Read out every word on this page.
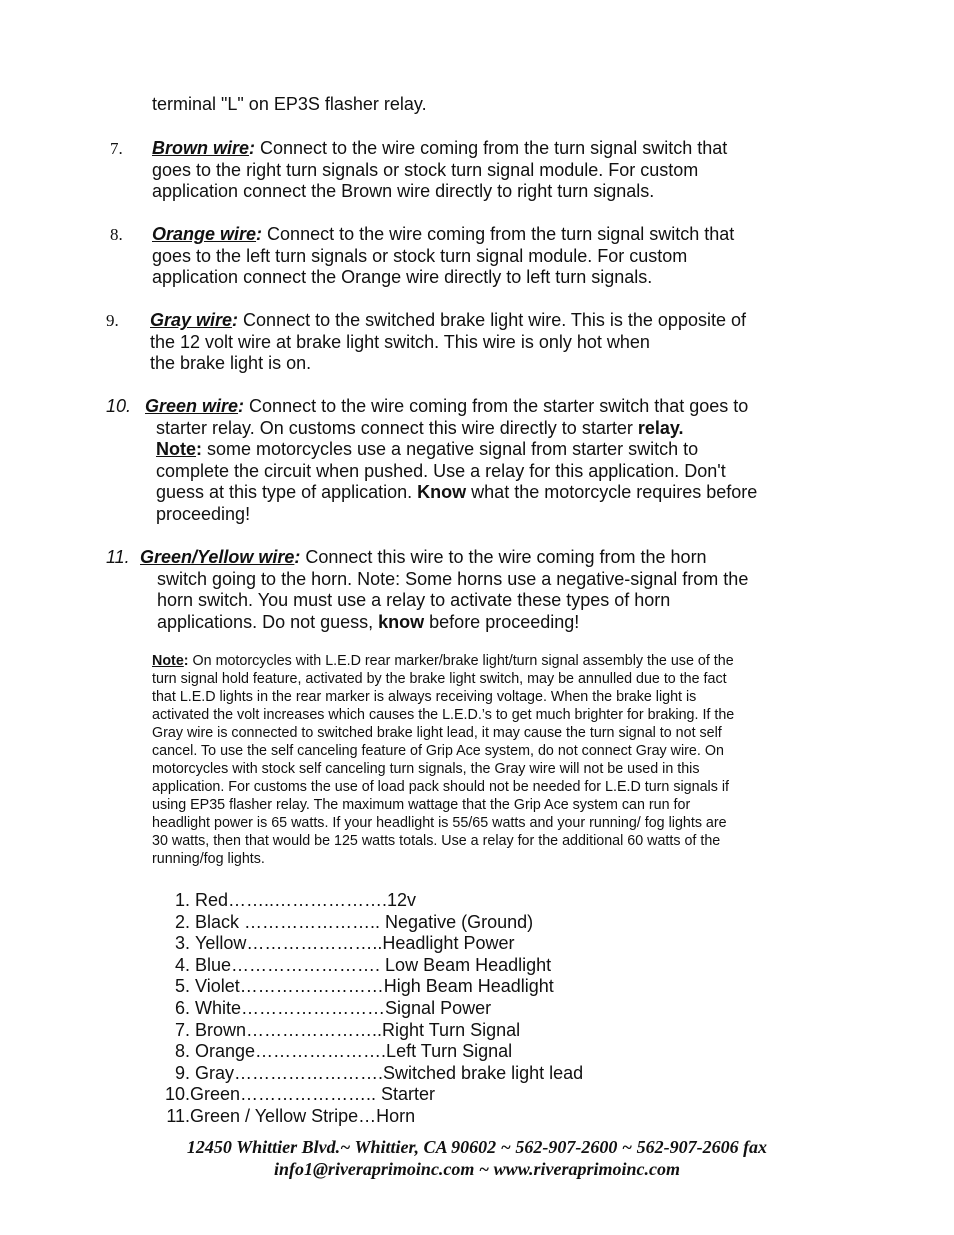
terminal "L" on EP3S flasher relay.
7. Brown wire: Connect to the wire coming from the turn signal switch that
goes to the right turn signals or stock turn signal module. For custom
application connect the Brown wire directly to right turn signals.
8. Orange wire: Connect to the wire coming from the turn signal switch that
goes to the left turn signals or stock turn signal module. For custom
application connect the Orange wire directly to left turn signals.
9. Gray wire: Connect to the switched brake light wire. This is the opposite of
the 12 volt wire at brake light switch. This wire is only hot when
the brake light is on.
10. Green wire: Connect to the wire coming from the starter switch that goes to
starter relay. On customs connect this wire directly to starter relay.
Note: some motorcycles use a negative signal from starter switch to
complete the circuit when pushed. Use a relay for this application. Don't
guess at this type of application. Know what the motorcycle requires before
proceeding!
11. Green/Yellow wire: Connect this wire to the wire coming from the horn
switch going to the horn. Note: Some horns use a negative-signal from the
horn switch. You must use a relay to activate these types of horn
applications. Do not guess, know before proceeding!
Note: On motorcycles with L.E.D rear marker/brake light/turn signal assembly the use of the
turn signal hold feature, activated by the brake light switch, may be annulled due to the fact
that L.E.D lights in the rear marker is always receiving voltage. When the brake light is
activated the volt increases which causes the L.E.D.’s to get much brighter for braking. If the
Gray wire is connected to switched brake light lead, it may cause the turn signal to not self
cancel. To use the self canceling feature of Grip Ace system, do not connect Gray wire. On
motorcycles with stock self canceling turn signals, the Gray wire will not be used in this
application. For customs the use of load pack should not be needed for L.E.D turn signals if
using EP35 flasher relay. The maximum wattage that the Grip Ace system can run for
headlight power is 65 watts. If your headlight is 55/65 watts and your running/ fog lights are
30 watts, then that would be 125 watts totals. Use a relay for the additional 60 watts of the
running/fog lights.
1.
Red……..……………….12v
2.
Black ………………….. Negative (Ground)
3.
Yellow…………………..Headlight Power
4.
Blue……………………. Low Beam Headlight
5.
Violet……………………High Beam Headlight
6.
White……………………Signal Power
7.
Brown…………………..Right Turn Signal
8.
Orange………………….Left Turn Signal
9.
Gray…………………….Switched brake light lead
10. Green………………….. Starter
11. Green / Yellow Stripe…Horn
12450 Whittier Blvd.~ Whittier, CA 90602 ~ 562-907-2600 ~ 562-907-2606 fax
info1@riveraprimoinc.com ~ www.riveraprimoinc.com
